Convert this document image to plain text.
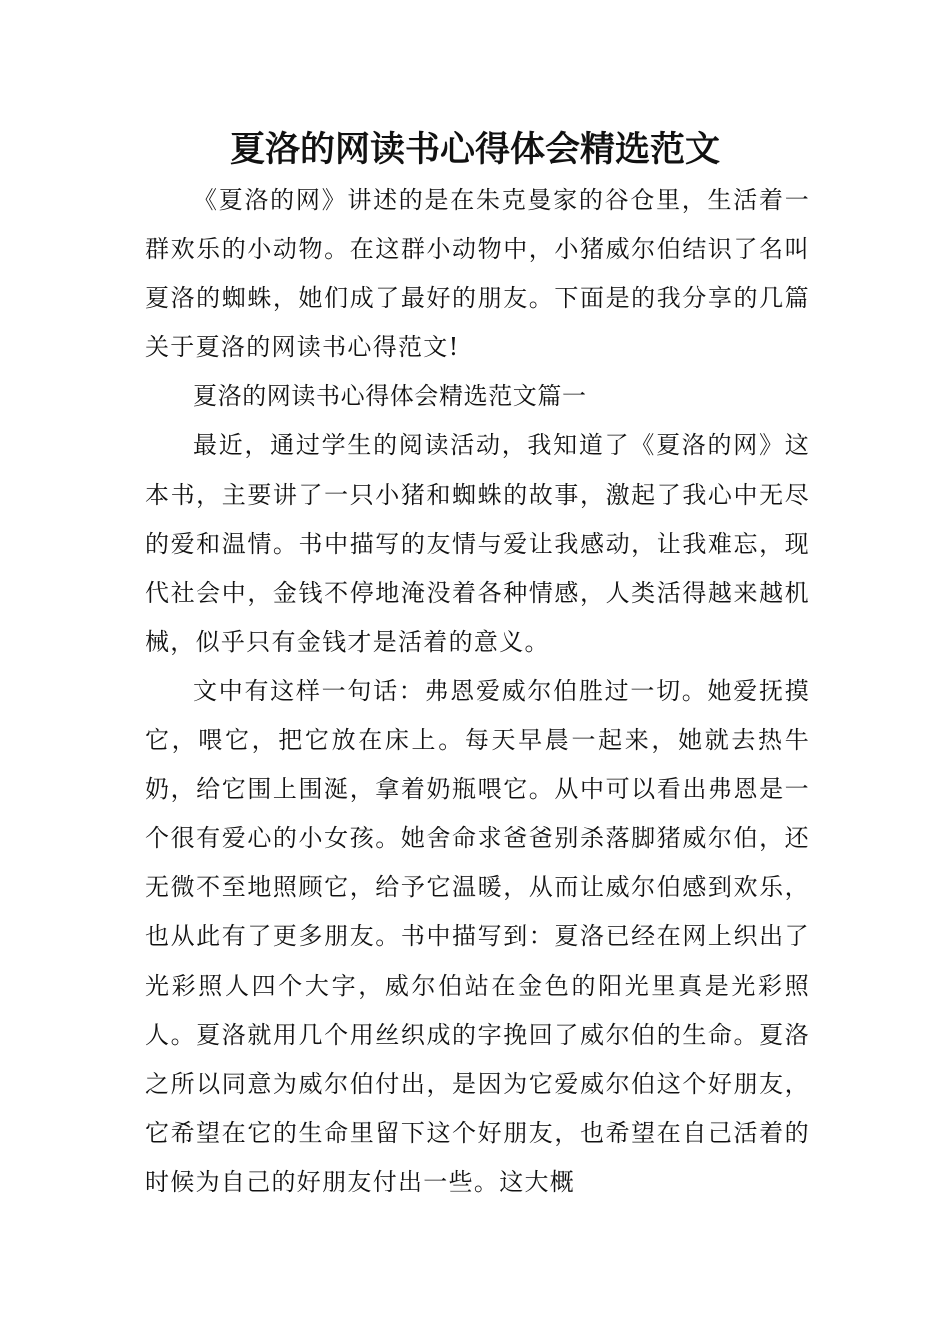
夏洛的网读书心得体会精选范文

《夏洛的网》讲述的是在朱克曼家的谷仓里，生活着一群欢乐的小动物。在这群小动物中，小猪威尔伯结识了名叫夏洛的蜘蛛，她们成了最好的朋友。下面是的我分享的几篇关于夏洛的网读书心得范文!

夏洛的网读书心得体会精选范文篇一

最近，通过学生的阅读活动，我知道了《夏洛的网》这本书，主要讲了一只小猪和蜘蛛的故事，激起了我心中无尽的爱和温情。书中描写的友情与爱让我感动，让我难忘，现代社会中，金钱不停地淹没着各种情感，人类活得越来越机械，似乎只有金钱才是活着的意义。

文中有这样一句话：弗恩爱威尔伯胜过一切。她爱抚摸它，喂它，把它放在床上。每天早晨一起来，她就去热牛奶，给它围上围涎，拿着奶瓶喂它。从中可以看出弗恩是一个很有爱心的小女孩。她舍命求爸爸别杀落脚猪威尔伯，还无微不至地照顾它，给予它温暖，从而让威尔伯感到欢乐，也从此有了更多朋友。书中描写到：夏洛已经在网上织出了光彩照人四个大字，威尔伯站在金色的阳光里真是光彩照人。夏洛就用几个用丝织成的字挽回了威尔伯的生命。夏洛之所以同意为威尔伯付出，是因为它爱威尔伯这个好朋友，它希望在它的生命里留下这个好朋友，也希望在自己活着的时候为自己的好朋友付出一些。这大概
